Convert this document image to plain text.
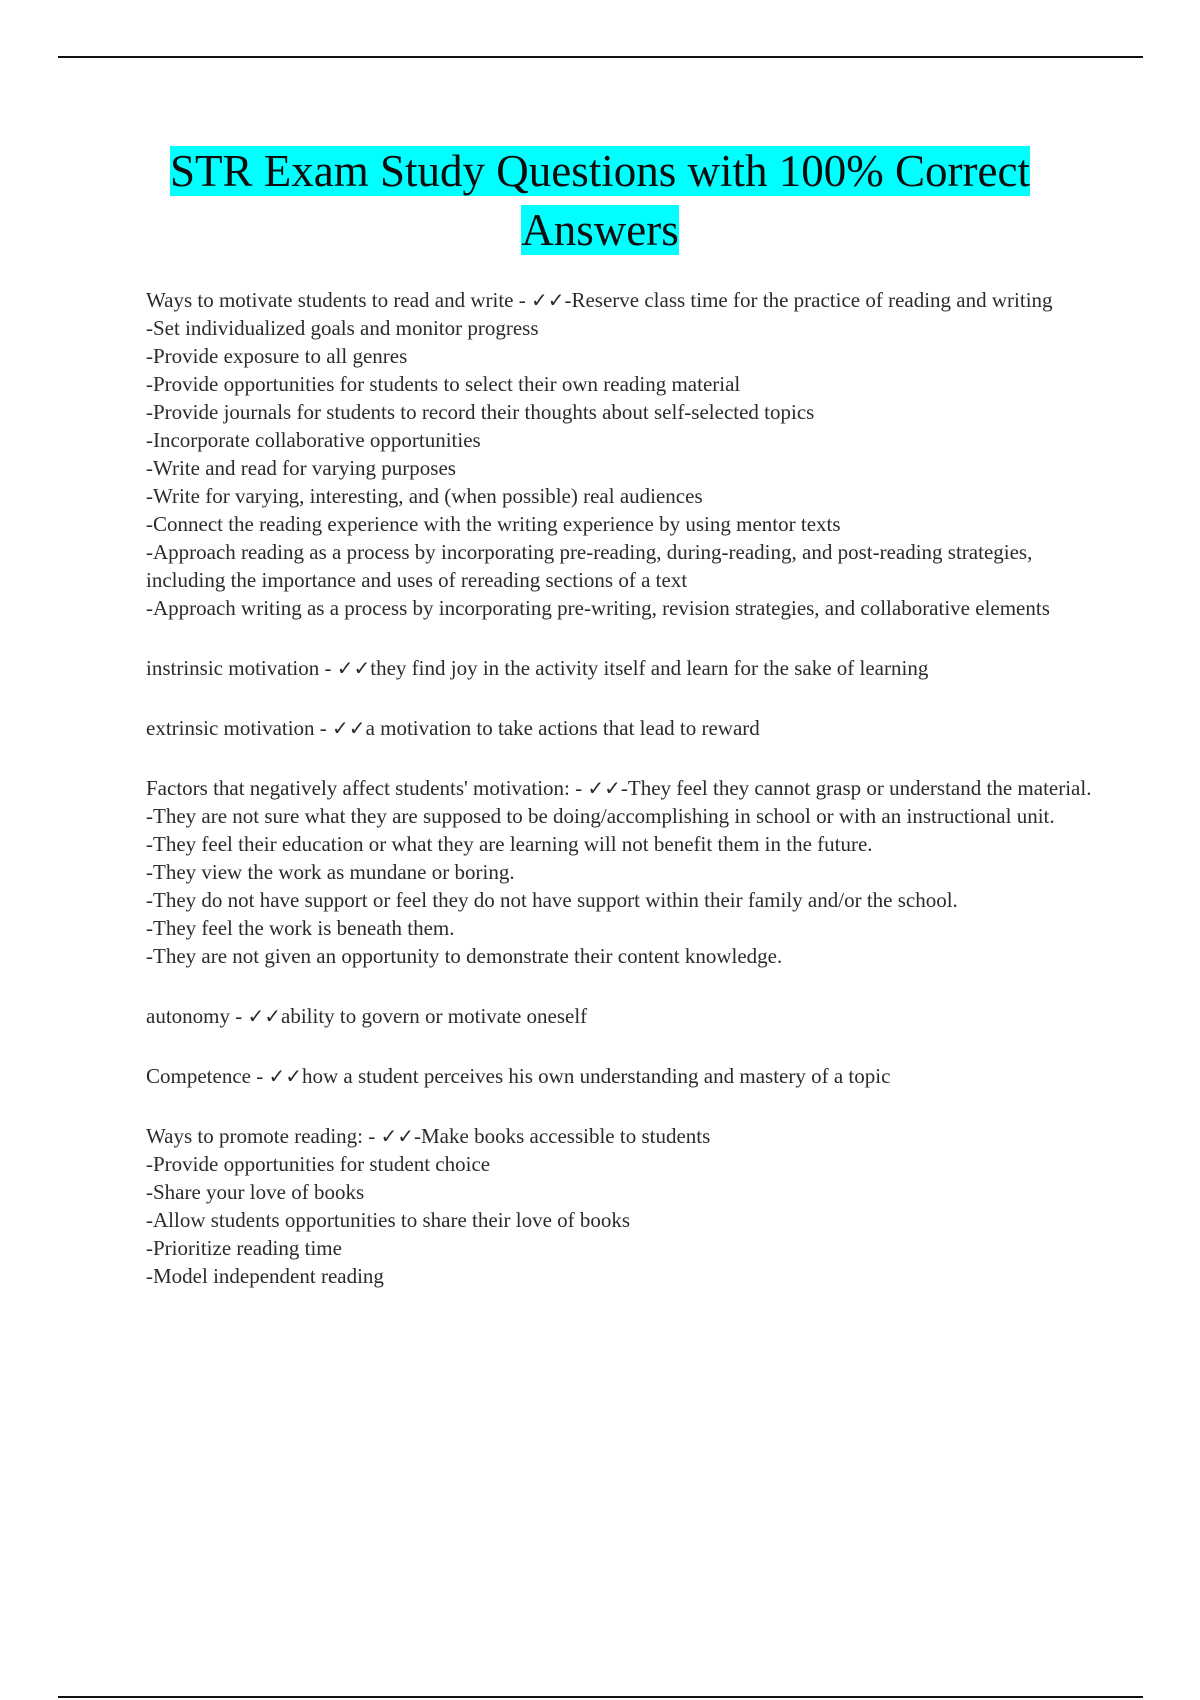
STR Exam Study Questions with 100% Correct
Answers

Ways to motivate students to read and write - ✓✓-Reserve class time for the practice of reading and writing
-Set individualized goals and monitor progress
-Provide exposure to all genres
-Provide opportunities for students to select their own reading material
-Provide journals for students to record their thoughts about self-selected topics
-Incorporate collaborative opportunities
-Write and read for varying purposes
-Write for varying, interesting, and (when possible) real audiences
-Connect the reading experience with the writing experience by using mentor texts
-Approach reading as a process by incorporating pre-reading, during-reading, and post-reading strategies, including the importance and uses of rereading sections of a text
-Approach writing as a process by incorporating pre-writing, revision strategies, and collaborative elements

instrinsic motivation - ✓✓they find joy in the activity itself and learn for the sake of learning

extrinsic motivation - ✓✓a motivation to take actions that lead to reward

Factors that negatively affect students' motivation: - ✓✓-They feel they cannot grasp or understand the material.
-They are not sure what they are supposed to be doing/accomplishing in school or with an instructional unit.
-They feel their education or what they are learning will not benefit them in the future.
-They view the work as mundane or boring.
-They do not have support or feel they do not have support within their family and/or the school.
-They feel the work is beneath them.
-They are not given an opportunity to demonstrate their content knowledge.

autonomy - ✓✓ability to govern or motivate oneself

Competence - ✓✓how a student perceives his own understanding and mastery of a topic

Ways to promote reading: - ✓✓-Make books accessible to students
-Provide opportunities for student choice
-Share your love of books
-Allow students opportunities to share their love of books
-Prioritize reading time
-Model independent reading
